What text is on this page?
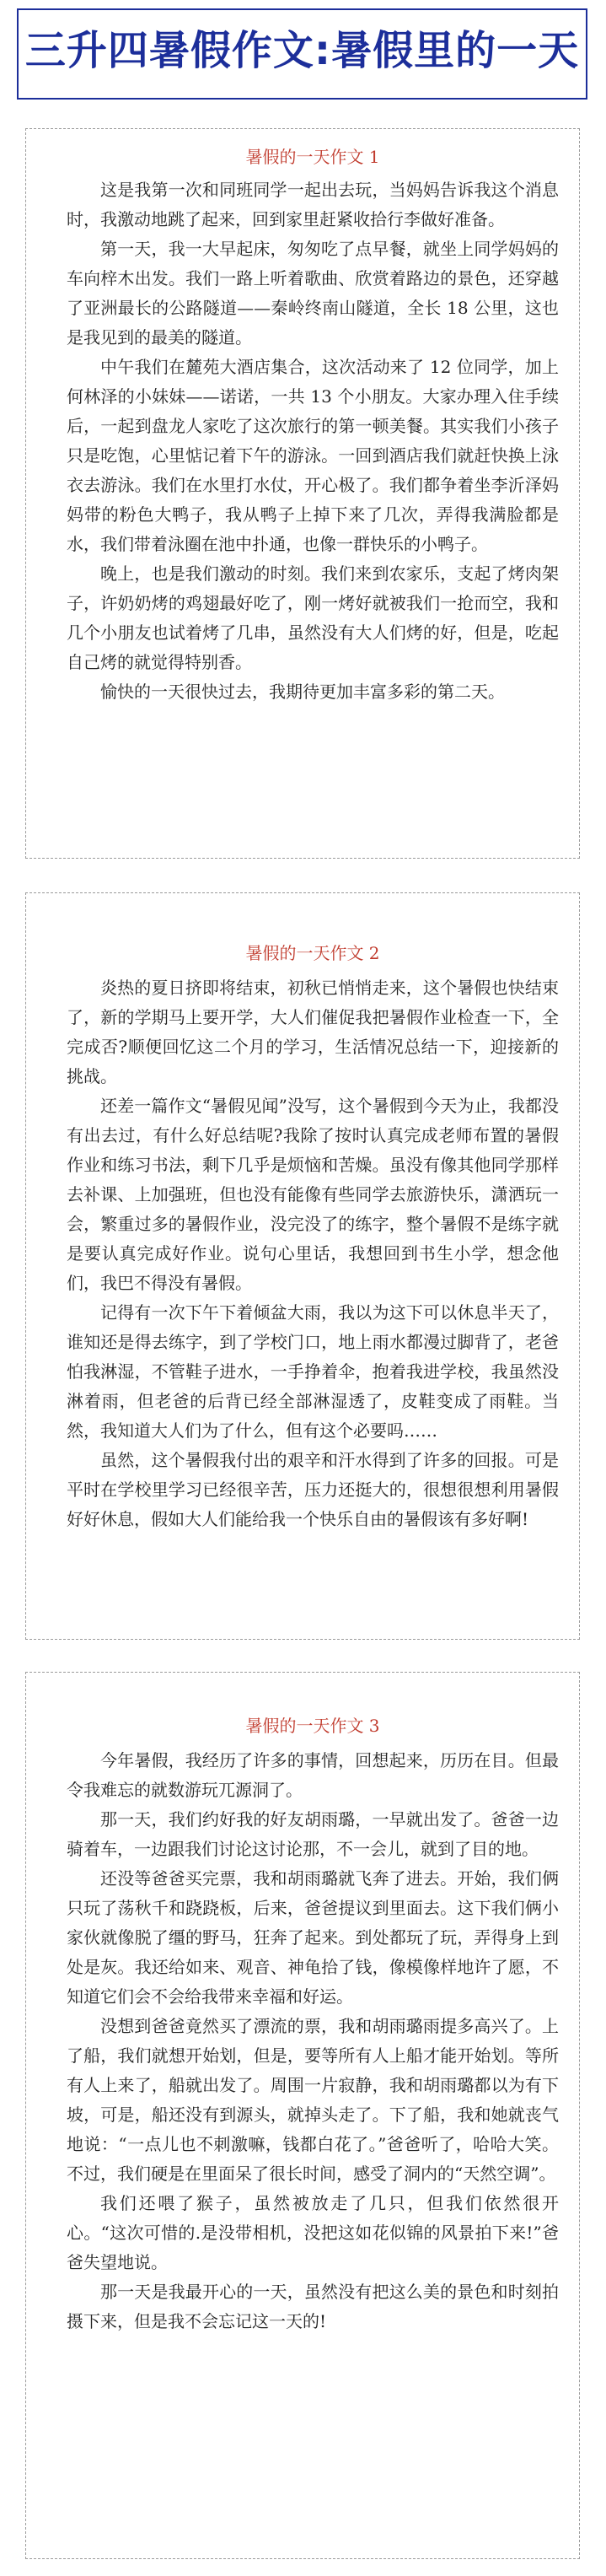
三升四暑假作文:暑假里的一天
暑假的一天作文 1

这是我第一次和同班同学一起出去玩，当妈妈告诉我这个消息时，我激动地跳了起来，回到家里赶紧收拾行李做好准备。

第一天，我一大早起床，匆匆吃了点早餐，就坐上同学妈妈的车向梓木出发。我们一路上听着歌曲、欣赏着路边的景色，还穿越了亚洲最长的公路隧道——秦岭终南山隧道，全长 18 公里，这也是我见到的最美的隧道。

中午我们在麓苑大酒店集合，这次活动来了 12 位同学，加上何林泽的小妹妹——诺诺，一共 13 个小朋友。大家办理入住手续后，一起到盘龙人家吃了这次旅行的第一顿美餐。其实我们小孩子只是吃饱，心里惦记着下午的游泳。一回到酒店我们就赶快换上泳衣去游泳。我们在水里打水仗，开心极了。我们都争着坐李沂泽妈妈带的粉色大鸭子，我从鸭子上掉下来了几次，弄得我满脸都是水，我们带着泳圈在池中扑通，也像一群快乐的小鸭子。

晚上，也是我们激动的时刻。我们来到农家乐，支起了烤肉架子，许奶奶烤的鸡翅最好吃了，刚一烤好就被我们一抢而空，我和几个小朋友也试着烤了几串，虽然没有大人们烤的好，但是，吃起自己烤的就觉得特别香。

愉快的一天很快过去，我期待更加丰富多彩的第二天。

暑假的一天作文 2

炎热的夏日挤即将结束，初秋已悄悄走来，这个暑假也快结束了，新的学期马上要开学，大人们催促我把暑假作业检查一下，全完成否?顺便回忆这二个月的学习，生活情况总结一下，迎接新的挑战。

还差一篇作文“暑假见闻”没写，这个暑假到今天为止，我都没有出去过，有什么好总结呢?我除了按时认真完成老师布置的暑假作业和练习书法，剩下几乎是烦恼和苦燥。虽没有像其他同学那样去补课、上加强班，但也没有能像有些同学去旅游快乐，潇洒玩一会，繁重过多的暑假作业，没完没了的练字，整个暑假不是练字就是要认真完成好作业。说句心里话，我想回到书生小学，想念他们，我巴不得没有暑假。

记得有一次下午下着倾盆大雨，我以为这下可以休息半天了，谁知还是得去练字，到了学校门口，地上雨水都漫过脚背了，老爸怕我淋湿，不管鞋子进水，一手挣着伞，抱着我进学校，我虽然没淋着雨，但老爸的后背已经全部淋湿透了，皮鞋变成了雨鞋。当然，我知道大人们为了什么，但有这个必要吗……

虽然，这个暑假我付出的艰辛和汗水得到了许多的回报。可是平时在学校里学习已经很辛苦，压力还挺大的，很想很想利用暑假好好休息，假如大人们能给我一个快乐自由的暑假该有多好啊!

暑假的一天作文 3

今年暑假，我经历了许多的事情，回想起来，历历在目。但最令我难忘的就数游玩兀源洞了。

那一天，我们约好我的好友胡雨璐，一早就出发了。爸爸一边骑着车，一边跟我们讨论这讨论那，不一会儿，就到了目的地。

还没等爸爸买完票，我和胡雨璐就飞奔了进去。开始，我们俩只玩了荡秋千和跷跷板，后来，爸爸提议到里面去。这下我们俩小家伙就像脱了缰的野马，狂奔了起来。到处都玩了玩，弄得身上到处是灰。我还给如来、观音、神龟拾了钱，像模像样地许了愿，不知道它们会不会给我带来幸福和好运。

没想到爸爸竟然买了漂流的票，我和胡雨璐雨提多高兴了。上了船，我们就想开始划，但是，要等所有人上船才能开始划。等所有人上来了，船就出发了。周围一片寂静，我和胡雨璐都以为有下坡，可是，船还没有到源头，就掉头走了。下了船，我和她就丧气地说：“一点儿也不刺激嘛，钱都白花了。”爸爸听了，哈哈大笑。不过，我们硬是在里面呆了很长时间，感受了洞内的“天然空调”。

我们还喂了猴子，虽然被放走了几只，但我们依然很开心。“这次可惜的.是没带相机，没把这如花似锦的风景拍下来!”爸爸失望地说。

那一天是我最开心的一天，虽然没有把这么美的景色和时刻拍摄下来，但是我不会忘记这一天的!
